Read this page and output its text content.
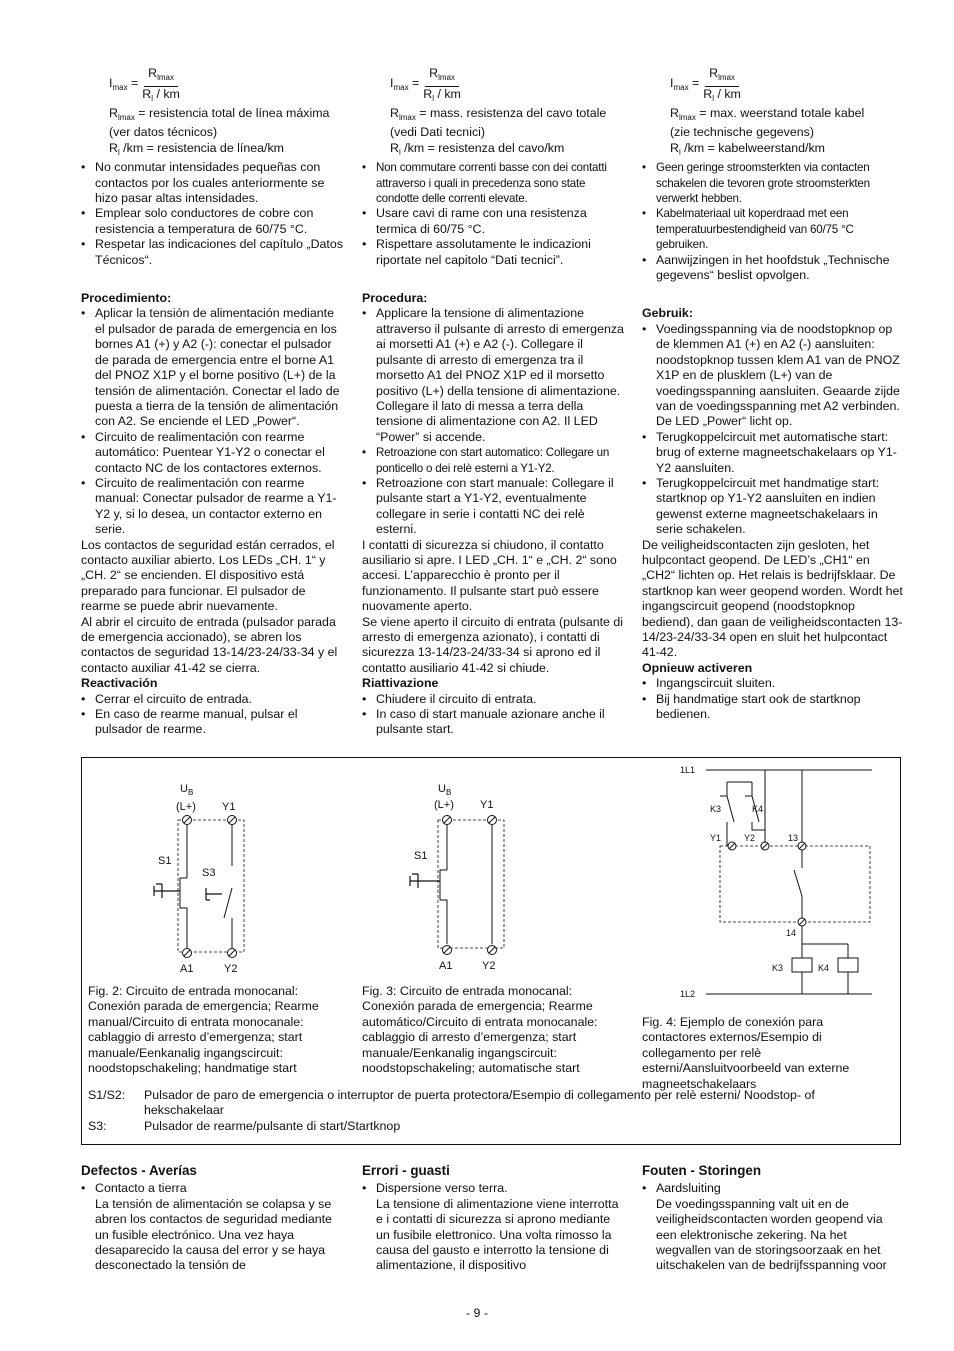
$I_{max} = \frac{R_{lmax}}{R_l / km}$
$R_{lmax}$ = resistencia total de línea máxima
(ver datos técnicos)
$R_l$ /km = resistencia de línea/km
• No conmutar intensidades pequeñas con contactos por los cuales anteriormente se hizo pasar altas intensidades.
• Emplear solo conductores de cobre con resistencia a temperatura de 60/75 °C.
• Respetar las indicaciones del capítulo „Datos Técnicos“.
Procedimiento:
• Aplicar la tensión de alimentación mediante el pulsador de parada de emergencia en los bornes A1 (+) y A2 (-): conectar el pulsador de parada de emergencia entre el borne A1 del PNOZ X1P y el borne positivo (L+) de la tensión de alimentación. Conectar el lado de puesta a tierra de la tensión de alimentación con A2. Se enciende el LED „Power“.
• Circuito de realimentación con rearme automático: Puentear Y1-Y2 o conectar el contacto NC de los contactores externos.
• Circuito de realimentación con rearme manual: Conectar pulsador de rearme a Y1-Y2 y, si lo desea, un contactor externo en serie.

Los contactos de seguridad están cerrados, el contacto auxiliar abierto. Los LEDs „CH. 1“ y „CH. 2“ se encienden. El dispositivo está preparado para funcionar. El pulsador de rearme se puede abrir nuevamente.

Al abrir el circuito de entrada (pulsador parada de emergencia accionado), se abren los contactos de seguridad 13-14/23-24/33-34 y el contacto auxiliar 41-42 se cierra.

Reactivación
• Cerrar el circuito de entrada.
• En caso de rearme manual, pulsar el pulsador de rearme.
$I_{max} = \frac{R_{lmax}}{R_l / km}$
$R_{lmax}$ = mass. resistenza del cavo totale
(vedi Dati tecnici)
$R_l$ /km = resistenza del cavo/km
• Non commutare correnti basse con dei contatti attraverso i quali in precedenza sono state condotte delle correnti elevate.
• Usare cavi di rame con una resistenza termica di 60/75 °C.
• Rispettare assolutamente le indicazioni riportate nel capitolo “Dati tecnici”.
Procedura:
• Applicare la tensione di alimentazione attraverso il pulsante di arresto di emergenza ai morsetti A1 (+) e A2 (-). Collegare il pulsante di arresto di emergenza tra il morsetto A1 del PNOZ X1P ed il morsetto positivo (L+) della tensione di alimentazione. Collegare il lato di messa a terra della tensione di alimentazione con A2. Il LED “Power” si accende.
• Retroazione con start automatico: Collegare un ponticello o dei relè esterni a Y1-Y2.
• Retroazione con start manuale: Collegare il pulsante start a Y1-Y2, eventualmente collegare in serie i contatti NC dei relè esterni.

I contatti di sicurezza si chiudono, il contatto ausiliario si apre. I LED „CH. 1“ e „CH. 2“ sono accesi. L’apparecchio è pronto per il funzionamento. Il pulsante start può essere nuovamente aperto.

Se viene aperto il circuito di entrata (pulsante di arresto di emergenza azionato), i contatti di sicurezza 13-14/23-24/33-34 si aprono ed il contatto ausiliario 41-42 si chiude.

Riattivazione
• Chiudere il circuito di entrata.
• In caso di start manuale azionare anche il pulsante start.
$I_{max} = \frac{R_{lmax}}{R_l / km}$
$R_{lmax} = \max$. weerstand totale kabel
(zie technische gegevens)
$R_l$ /km = kabelweerstand/km
• Geen geringe stroomsterkten via contacten schakelen die tevoren grote stroomsterkten verwerkt hebben.
• Kabelmateriaal uit koperdraad met een temperatuurbestendigheid van 60/75 °C gebruiken.
• Aanwijzingen in het hoofdstuk „Technische gegevens“ beslist opvolgen.
Gebruik:
• Voedingsspanning via de noodstopknop op de klemmen A1 (+) en A2 (-) aansluiten: noodstopknop tussen klem A1 van de PNOZ X1P en de plusklem (L+) van de voedingsspanning aansluiten. Geaarde zijde van de voedingsspanning met A2 verbinden. De LED „Power“ licht op.
• Terugkoppelcircuit met automatische start: brug of externe magneetschakelaars op Y1-Y2 aansluiten.
• Terugkoppelcircuit met handmatige start: startknop op Y1-Y2 aansluiten en indien gewenst externe magneetschakelaars in serie schakelen.

De veiligheidscontacten zijn gesloten, het hulpcontact geopend. De LED’s „CH1“ en „CH2“ lichten op. Het relais is bedrijfsklaar. De startknop kan weer geopend worden. Wordt het ingangscircuit geopend (noodstopknop bediend), dan gaan de veiligheidscontacten 13-14/23-24/33-34 open en sluit het hulpcontact 41-42.

Opnieuw activeren
• Ingangscircuit sluiten.
• Bij handmatige start ook de startknop bedienen.
$U_B$
(L+) Y1
S1
S3
A1	Y2
$U_B$
(L+) Y1
S1
A1	Y2
1L1
K3	K4
Y1	Y2	13
14
K3	K4
1L2
Fig. 2: Circuito de entrada monocanal: Conexión parada de emergencia; Rearme manual/Circuito di entrata monocanale: cablaggio di arresto d’emergenza; start manuale/Eenkanalig ingangscircuit: noodstopschakeling; handmatige start
Fig. 3: Circuito de entrada monocanal: Conexión parada de emergencia; Rearme automático/Circuito di entrata monocanale: cablaggio di arresto d’emergenza; start manuale/Eenkanalig ingangscircuit: noodstopschakeling; automatische start
Fig. 4: Ejemplo de conexión para contactores externos/Esempio di collegamento per relè esterni/Aansluitvoorbeeld van externe magneetschakelaars
S1/S2:	Pulsador de paro de emergencia o interruptor de puerta protectora/Esempio di collegamento per relè esterni/ Noodstop- of hekschakelaar
S3:	Pulsador de rearme/pulsante di start/Startknop
Defectos - Averías
• Contacto a tierra

La tensión de alimentación se colapsa y se abren los contactos de seguridad mediante un fusible electrónico. Una vez haya desaparecido la causa del error y se haya desconectado la tensión de

Errori - guasti
• Dispersione verso terra.

La tensione di alimentazione viene interrotta e i contatti di sicurezza si aprono mediante un fusibile elettronico. Una volta rimosso la causa del gausto e interrotto la tensione di alimentazione, il dispositivo

Fouten - Storingen
• Aardsluiting

De voedingsspanning valt uit en de veiligheidscontacten worden geopend via een elektronische zekering. Na het wegvallen van de storingsoorzaak en het uitschakelen van de bedrijfsspanning voor

- 9 -
